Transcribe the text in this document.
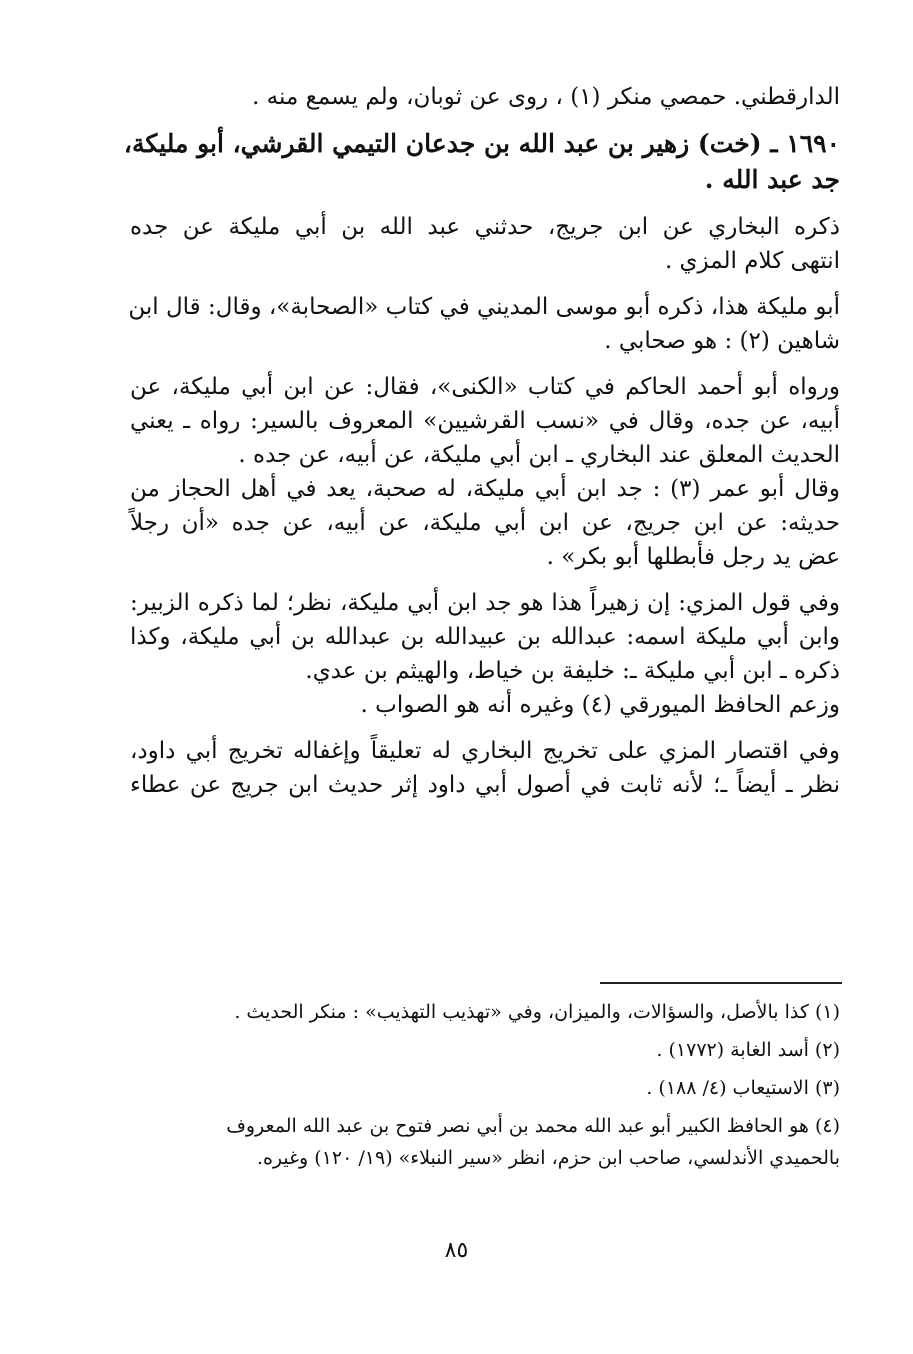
الدارقطني. حمصي منكر (١) ، روى عن ثوبان، ولم يسمع منه .

١٦٩٠ ـ (خت) زهير بن عبد الله بن جدعان التيمي القرشي، أبو مليكة،

جد عبد الله .

ذكره البخاري عن ابن جريج، حدثني عبد الله بن أبي مليكة عن جده

انتهى كلام المزي .

أبو مليكة هذا، ذكره أبو موسى المديني في كتاب «الصحابة»، وقال: قال ابن

شاهين (٢) : هو صحابي .

ورواه أبو أحمد الحاكم في كتاب «الكنى»، فقال: عن ابن أبي مليكة، عن

أبيه، عن جده، وقال في «نسب القرشيين» المعروف بالسير: رواه ـ يعني

الحديث المعلق عند البخاري ـ ابن أبي مليكة، عن أبيه، عن جده .

وقال أبو عمر (٣) : جد ابن أبي مليكة، له صحبة، يعد في أهل الحجاز من

حديثه: عن ابن جريج، عن ابن أبي مليكة، عن أبيه، عن جده «أن رجلاً

عض يد رجل فأبطلها أبو بكر» .

وفي قول المزي: إن زهيراً هذا هو جد ابن أبي مليكة، نظر؛ لما ذكره الزبير:

وابن أبي مليكة اسمه: عبدالله بن عبيدالله بن عبدالله بن أبي مليكة، وكذا

ذكره ـ ابن أبي مليكة ـ: خليفة بن خياط، والهيثم بن عدي.

وزعم الحافظ الميورقي (٤) وغيره أنه هو الصواب .

وفي اقتصار المزي على تخريج البخاري له تعليقاً وإغفاله تخريج أبي داود،

نظر ـ أيضاً ـ؛ لأنه ثابت في أصول أبي داود إثر حديث ابن جريج عن عطاء

(١) كذا بالأصل، والسؤالات، والميزان، وفي «تهذيب التهذيب» : منكر الحديث .

(٢) أسد الغابة (١٧٧٢) .

(٣) الاستيعاب (٤/ ١٨٨) .

(٤) هو الحافظ الكبير أبو عبد الله محمد بن أبي نصر فتوح بن عبد الله المعروف

بالحميدي الأندلسي، صاحب ابن حزم، انظر «سير النبلاء» (١٩/ ١٢٠) وغيره.

٨٥
